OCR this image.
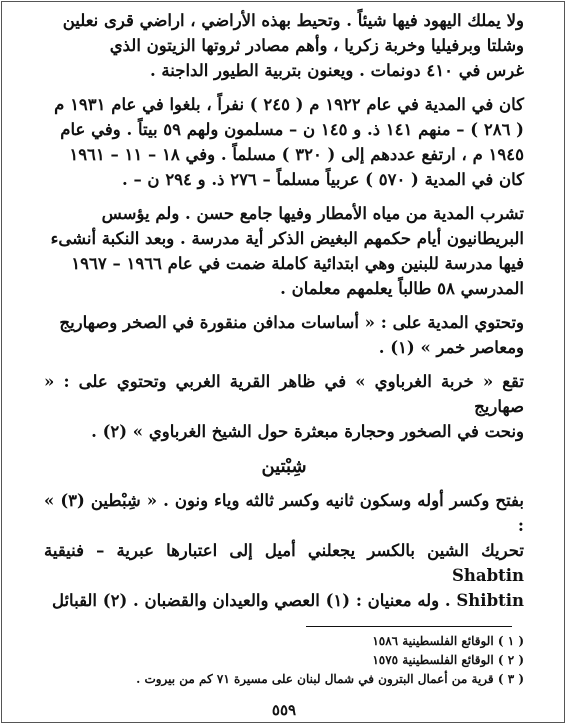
ولا يملك اليهود فيها شيئاً . وتحيط بهذه الأراضي ، اراضي قرى نعلين
وشلتا وبرفيليا وخربة زكريا ، وأهم مصادر ثروتها الزيتون الذي
غرس في ٤١٠ دونمات . ويعنون بتربية الطيور الداجنة .

كان في المدية في عام ١٩٢٢ م ( ٢٤٥ ) نفراً ، بلغوا في عام ١٩٣١ م
( ٢٨٦ ) – منهم ١٤١ ذ. و ١٤٥ ن – مسلمون ولهم ٥٩ بيتاً . وفي عام
١٩٤٥ م ، ارتفع عددهم إلى ( ٣٢٠ ) مسلماً . وفي ١٨ – ١١ – ١٩٦١
كان في المدية ( ٥٧٠ ) عربياً مسلماً – ٢٧٦ ذ. و ٢٩٤ ن – .

تشرب المدية من مياه الأمطار وفيها جامع حسن . ولم يؤسس
البريطانيون أيام حكمهم البغيض الذكر أية مدرسة . وبعد النكبة أنشىء
فيها مدرسة للبنين وهي ابتدائية كاملة ضمت في عام ١٩٦٦ – ١٩٦٧
المدرسي ٥٨ طالباً يعلمهم معلمان .

وتحتوي المدية على : « أساسات مدافن منقورة في الصخر وصهاريج
ومعاصر خمر » (١) .

تقع « خربة الغرباوي » في ظاهر القرية الغربي وتحتوي على : « صهاريج
ونحت في الصخور وحجارة مبعثرة حول الشيخ الغرباوي » (٢) .

شِبْتين

بفتح وكسر أوله وسكون ثانيه وكسر ثالثه وياء ونون . « شِبْطين (٣) » :
تحريك الشين بالكسر يجعلني أميل إلى اعتبارها عبرية – فنيقية Shabtin
Shibtin . وله معنيان : (١) العصي والعيدان والقضبان . (٢) القبائل

( ١ ) الوقائع الفلسطينية ١٥٨٦
( ٢ ) الوقائع الفلسطينية ١٥٧٥
( ٣ ) قرية من أعمال البترون في شمال لبنان على مسيرة ٧١ كم من بيروت .
٥٥٩
